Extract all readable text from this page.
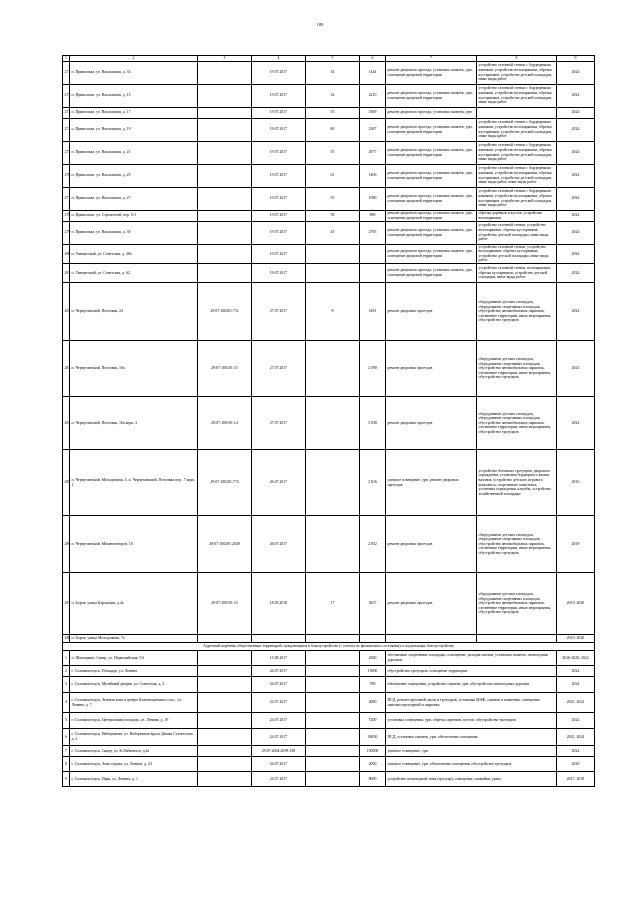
189
1	2	3	4	5	6	7	8	9
271	п. Приволжье, ул. Вокзальная, д. 33		19.07.2017	54	1444	ремонт дворового проезда, установка скамеек, урн, освещение дворовой территории	устройство газонной стенки с бордюрными камнями, устройство велопарковки, обрезка кустарников, устройство детской площадки, иные виды работ	2024
272	п. Приволжье, ул. Вокзальная, д. 15		19.07.2017	32	2210	ремонт дворового проезда, установка скамеек, урн, освещение дворовой территории	устройство газонной стенки с бордюрными камнями, устройство велопарковки, обрезка кустарников, устройство детской площадки, иные виды работ	2024
273	п. Приволжье, ул. Вокзальная, д. 17		19.07.2017	53	3369	ремонт дворового проезда, установка скамеек, урн		2024
274	п. Приволжье, ул. Вокзальная, д. 19		19.07.2017	60	2387	ремонт дворового проезда, установка скамеек, урн, освещение дворовой территории	устройство газонной стенки с бордюрными камнями, устройство велопарковки, обрезка кустарников, устройство детской площадки, иные виды работ	2024
275	п. Приволжье, ул. Вокзальная, д. 21		19.07.2017	55	2077	ремонт дворового проезда, установка скамеек, урн, освещение дворовой территории	устройство газонной стенки с бордюрными камнями, устройство велопарковки, обрезка кустарников, устройство детской площадки, иные виды работ	2024
276	п. Приволжье, ул. Вокзальная, д. 25		19.07.2017	61	1406	ремонт дворового проезда, установка скамеек, урн, освещение дворовой территории	устройство газонной стенки с бордюрными камнями, устройство велопарковки, обрезка кустарников, устройство детской площадки, иные виды работ, иные виды работ	2024
277	п. Приволжье, ул. Вокзальная, д. 27		19.07.2017	55	1980	ремонт дворового проезда, установка скамеек, урн, освещение дворовой территории	устройство газонной стенки с бордюрными камнями, устройство велопарковки, обрезка кустарников, устройство детской площадки, иные виды работ	2024
278	п. Приволжье, ул. Строителей, пер. N 1		19.07.2017	58	890	ремонт дворового проезда, установка скамеек, урн, освещение дворовой территории	обрезка деревьев и кустов, устройство велопарковки	2024
279	п. Приволжье, ул. Вокзальная, д. 39		19.07.2017	45	2785	ремонт дворового проезда, установка скамеек, урн, освещение дворовой территории	устройство газонной стенки, устройство велопарковки, обрезка кустарников, устройство детской площадки, иные виды работ	2024
280	п. Уинматский, ул. Советская, д. 28а		19.07.2017			ремонт дворового проезда, установка скамеек, урн, освещение дворовой территории	устройство газонной стенки, устройство велопарковки, обрезка кустарников, устройство детской площадки, иные виды работ	2024
281	п. Уинматский, ул. Советская, д. 62		19.07.2017			ремонт дворового проезда, установка скамеек, урн, освещение дворовой территории	устройство газонной стенки, велопарковки, обрезка кустарников, устройство детской площадки, иные виды работ	2024
282	п. Чернухинский, Почтовая, 24	29:07:100201:711	27.07.2017	8	1491	ремонт дворовых проездов	оборудование детских площадок, оборудование спортивных площадок, обустройство автомобильных парковок, озеленение территории, иные мероприятия, обустройство тротуаров	2024
283	п. Чернухинский, Почтовая, 16а	29:07:100101:15	27.07.2017		2 090	ремонт дворовых проездов	оборудование детских площадок, оборудование спортивных площадок, обустройство автомобильных парковок, озеленение территории, иные мероприятия, обустройство тротуаров	2023
284	п. Чернухинский, Почтовая, 16а корп. 2	29:07:100101:14	27.07.2017		3 038	ремонт дворовых проездов	оборудование детских площадок, оборудование спортивных площадок, обустройство автомобильных парковок, озеленение территории, иные мероприятия, обустройство тротуаров	2024
285	п. Чернухинский, Молодежная, 3, п. Чернухинский, Почтовая пер., 7 корп. 1	29:07:100201:774	26.07.2017		2 816	уличное освещение, урн, ремонт дворовых проездов	устройство бетонных тротуаров, дворового ограждения, установка бордюрного камня, вазонов, устройство детского игрового комплекса, спортивного комплекса, установка ограждения, клумбы, устройство хозяйственной площадки	2016
286	п. Чернухинский, Механизаторов, 10	29:07:100201:2049	26.07.2017		2 052	ремонт дворовых проездов	оборудование детских площадок, оборудование спортивных площадок, обустройство автомобильных парковок, озеленение территории, иные мероприятия, обустройство тротуаров	2019
287	п. Боров, улица Боровская, д.4а	29:07:100101:15	18.05.2018	17	3637	ремонт дворовых проездов	оборудование детских площадок, оборудование спортивных площадок, обустройство автомобильных парковок, озеленение территории, иные мероприятия, обустройство тротуаров	2019, 2020
288	п. Боров, улица Молодежная, 7а							2019, 2020
Адресный перечень общественных территорий, нуждающихся в благоустройстве (с учетом их физического состояния) и подлежащих благоустройству								
1	п. Шипицыно, Сквер, ул. Первомайская, 5А		15.08.2017		4500	лестничные спортивные площадки, освещение, укладка плитки, установка скамеек, пешеходные дорожки		2016-2020, 2022
2	г. Сольвычегодск, Площадь, ул. Ленина		24.07.2017		15000	обустройство тротуаров, освещение территории		2024
3	г. Сольвычегодск, Музейный дворик, ул. Советская, д. 2		24.07.2017		700	обновление освещения, устройство скамеек, урн, обустройство пешеходных дорожек		2024
4	г. Сольвычегодск, Зеленая зона в центре Благовещенского пос., ул. Ленина, д. 7		24.07.2017		4000	ПСД, ремонт проезжей части и тротуаров, установка МАФ, скамеек в памятник, освещение, лавочки тротуарной и парковка		2021, 2022
5	г. Сольвычегодск, Центральная площадь, ул. Ленина, д. 19		24.07.2017		7200	установка освещения, урн, обрезка деревьев, кустов, обустройство тротуаров		2024
6	г. Сольвычегодск, Набережная, ул. Набережная вдоль Двины Сухоногово, д. 2		24.07.2017		38450	ПСД, установка скамеек, урн, обеспечение освещения		2021, 2024
7	г. Сольвычегодск, Сквер, ул. К.Либкнехта, д.4а		29.07.2004:2059:158		150000	уличное освещение, урн		2024
8	г. Сольвычегодск, Зона отдыха, ул. Ленина, д. 23		24.07.2017		2000	уличное освещение, урн, обеспечение освещения, обустройство тротуаров		2018
9	г. Сольвычегодск, Парк, ул. Ленина, д. 1		24.07.2017		8000	устройство пешеходной зоны (тротуар), освещение, скамейки, урны		2017, 2018
